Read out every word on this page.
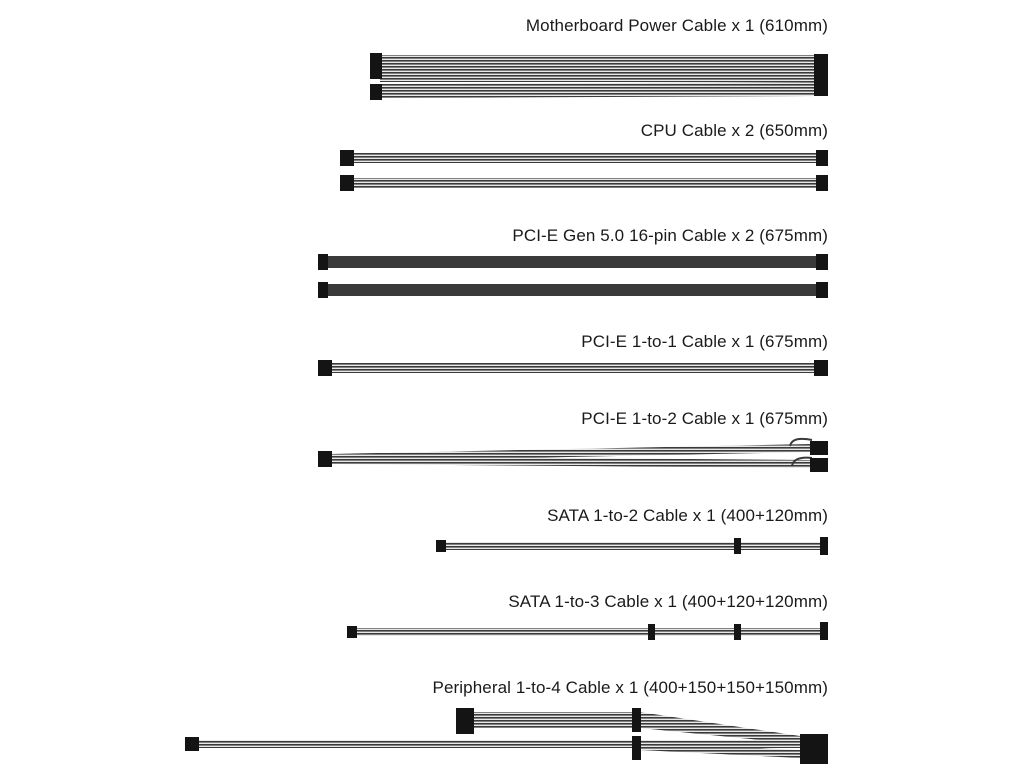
Motherboard Power Cable x 1 (610mm)
CPU Cable x 2 (650mm)
PCI-E Gen 5.0 16-pin Cable x 2 (675mm)
PCI-E 1-to-1 Cable x 1 (675mm)
PCI-E 1-to-2 Cable x 1 (675mm)
SATA 1-to-2 Cable x 1 (400+120mm)
SATA 1-to-3 Cable x 1 (400+120+120mm)
Peripheral 1-to-4 Cable x 1 (400+150+150+150mm)
